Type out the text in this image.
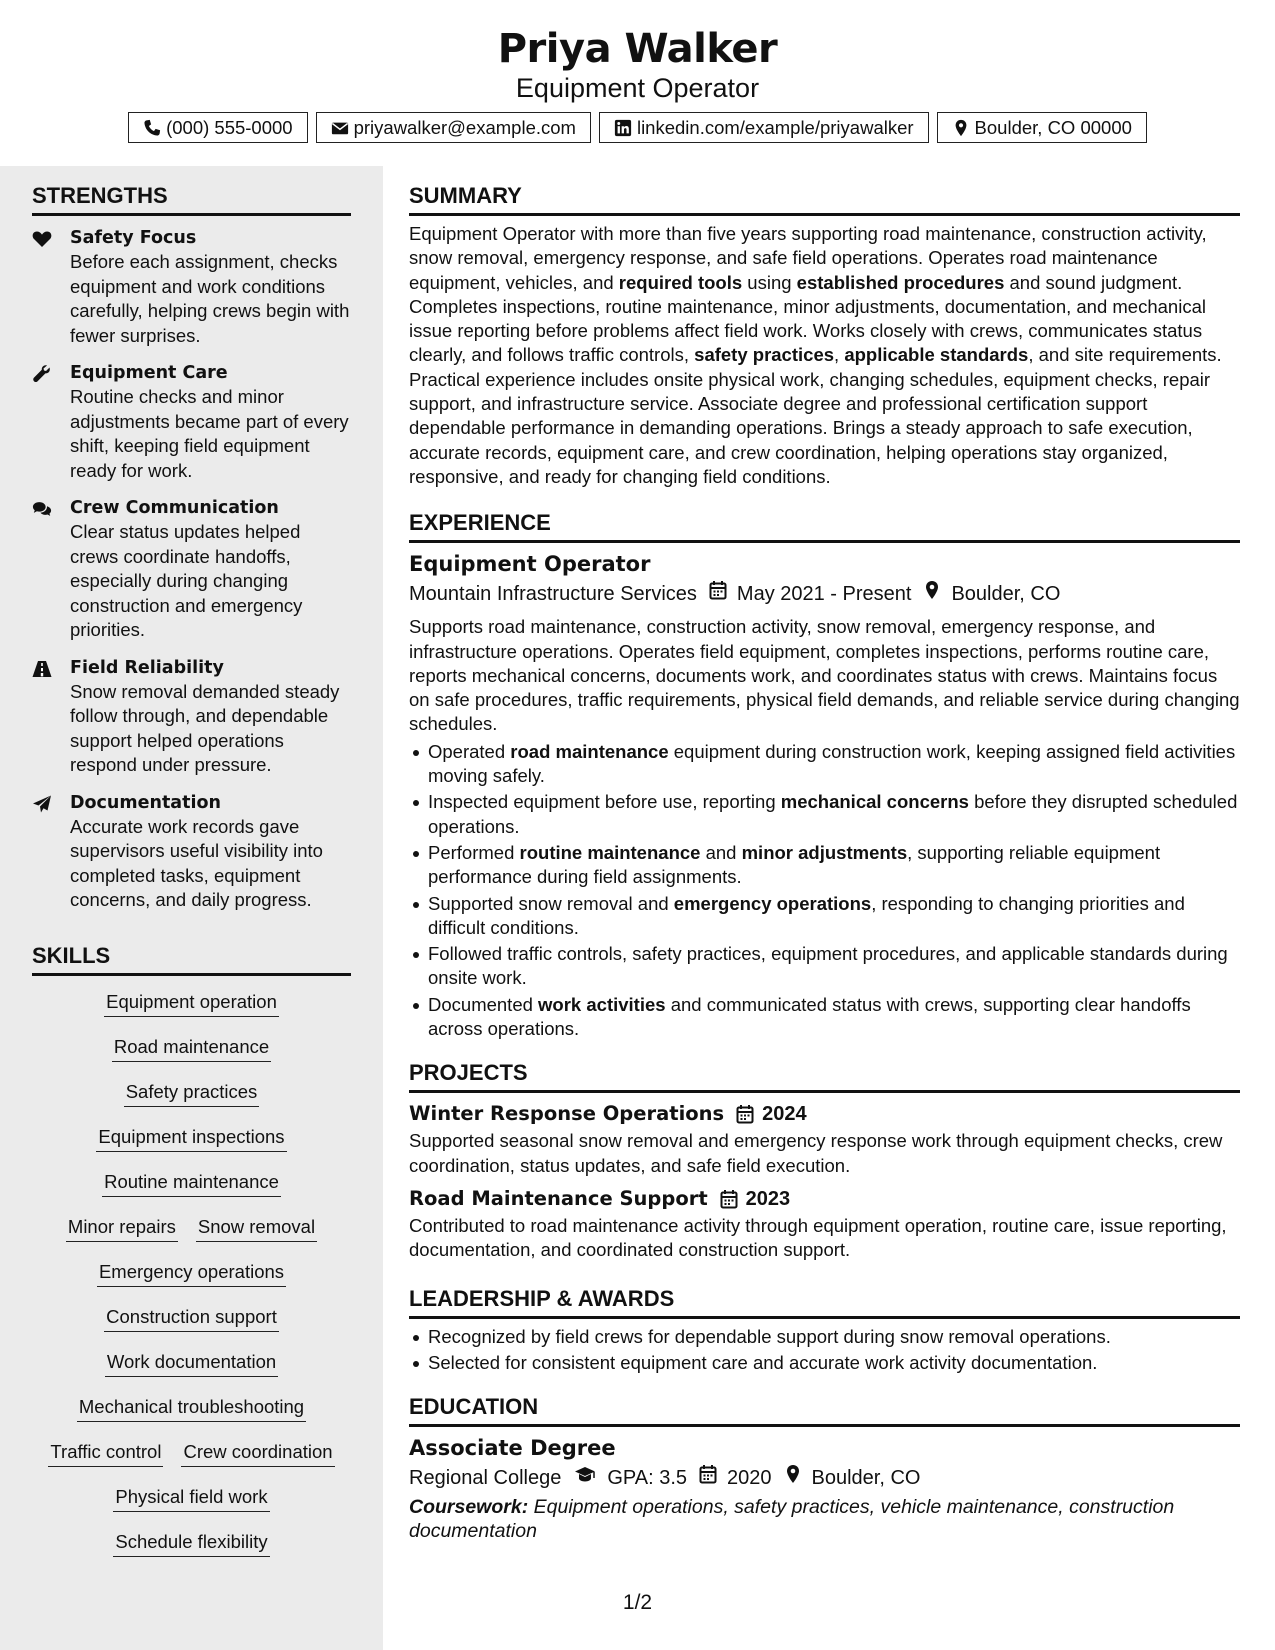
Priya Walker
Equipment Operator
(000) 555-0000	priyawalker@example.com	linkedin.com/example/priyawalker	Boulder, CO 00000
STRENGTHS
Safety Focus
Before each assignment, checks equipment and work conditions carefully, helping crews begin with fewer surprises.
Equipment Care
Routine checks and minor adjustments became part of every shift, keeping field equipment ready for work.
Crew Communication
Clear status updates helped crews coordinate handoffs, especially during changing construction and emergency priorities.
Field Reliability
Snow removal demanded steady follow through, and dependable support helped operations respond under pressure.
Documentation
Accurate work records gave supervisors useful visibility into completed tasks, equipment concerns, and daily progress.
SKILLS
Equipment operation
Road maintenance
Safety practices
Equipment inspections
Routine maintenance
Minor repairs Snow removal
Emergency operations
Construction support
Work documentation
Mechanical troubleshooting
Traffic control Crew coordination
Physical field work
Schedule flexibility
SUMMARY
Equipment Operator with more than five years supporting road maintenance, construction activity, snow removal, emergency response, and safe field operations. Operates road maintenance equipment, vehicles, and required tools using established procedures and sound judgment. Completes inspections, routine maintenance, minor adjustments, documentation, and mechanical issue reporting before problems affect field work. Works closely with crews, communicates status clearly, and follows traffic controls, safety practices, applicable standards, and site requirements. Practical experience includes onsite physical work, changing schedules, equipment checks, repair support, and infrastructure service. Associate degree and professional certification support dependable performance in demanding operations. Brings a steady approach to safe execution, accurate records, equipment care, and crew coordination, helping operations stay organized, responsive, and ready for changing field conditions.
EXPERIENCE
Equipment Operator
Mountain Infrastructure Services May 2021 - Present Boulder, CO
Supports road maintenance, construction activity, snow removal, emergency response, and infrastructure operations. Operates field equipment, completes inspections, performs routine care, reports mechanical concerns, documents work, and coordinates status with crews. Maintains focus on safe procedures, traffic requirements, physical field demands, and reliable service during changing schedules.
Operated road maintenance equipment during construction work, keeping assigned field activities moving safely.
Inspected equipment before use, reporting mechanical concerns before they disrupted scheduled operations.
Performed routine maintenance and minor adjustments, supporting reliable equipment performance during field assignments.
Supported snow removal and emergency operations, responding to changing priorities and difficult conditions.
Followed traffic controls, safety practices, equipment procedures, and applicable standards during onsite work.
Documented work activities and communicated status with crews, supporting clear handoffs across operations.
PROJECTS
Winter Response Operations 2024
Supported seasonal snow removal and emergency response work through equipment checks, crew coordination, status updates, and safe field execution.
Road Maintenance Support 2023
Contributed to road maintenance activity through equipment operation, routine care, issue reporting, documentation, and coordinated construction support.
LEADERSHIP & AWARDS
Recognized by field crews for dependable support during snow removal operations.
Selected for consistent equipment care and accurate work activity documentation.
EDUCATION
Associate Degree
Regional College GPA: 3.5 2020 Boulder, CO
Coursework: Equipment operations, safety practices, vehicle maintenance, construction documentation
1/2
